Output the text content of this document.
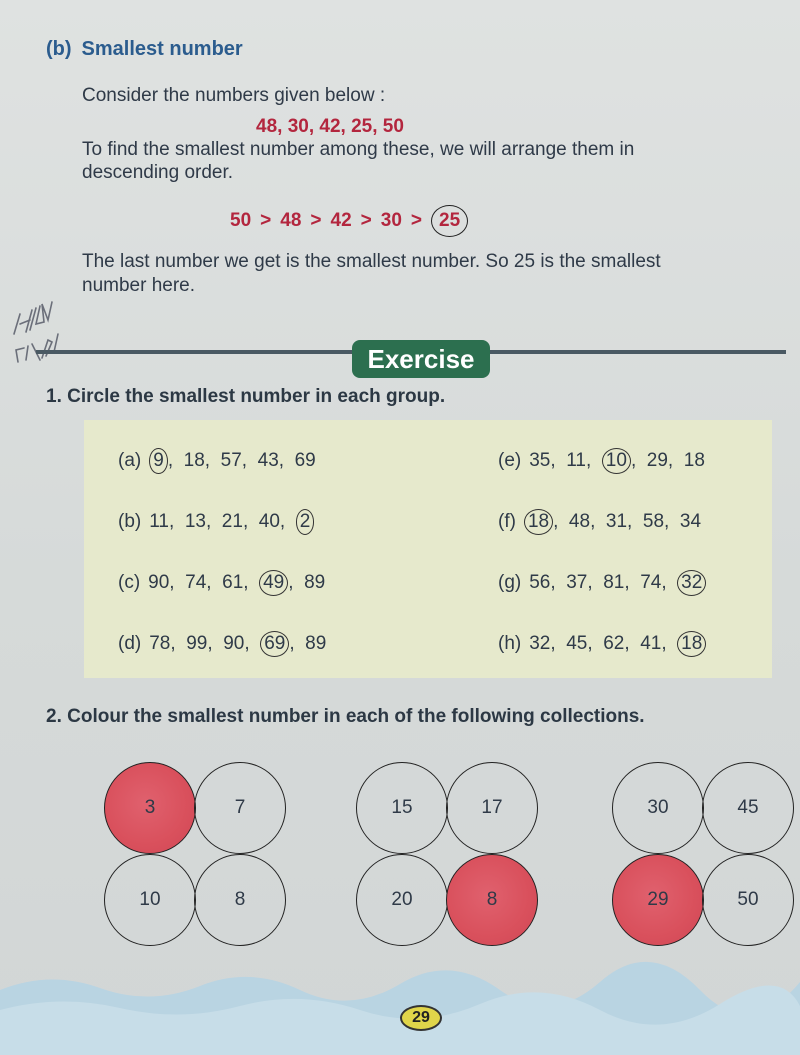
(b) Smallest number
Consider the numbers given below :
48, 30, 42, 25, 50
To find the smallest number among these, we will arrange them in
descending order.
50 > 48 > 42 > 30 > 25
The last number we get is the smallest number. So 25 is the smallest
number here.
H/W 5/7/21
Exercise
1. Circle the smallest number in each group.
(a) 9 ,  18,  57,  43,  69
(b) 11,  13,  21,  40,  2
(c) 90,  74,  61,  49 ,  89
(d) 78,  99,  90,  69 ,  89
(e) 35,  11,  10 ,  29,  18
(f) 18 ,  48,  31,  58,  34
(g) 56,  37,  81,  74,  32
(h) 32,  45,  62,  41,  18
2. Colour the smallest number in each of the following collections.
3	7
10	8
15	17
20	8
30	45
29	50
29
